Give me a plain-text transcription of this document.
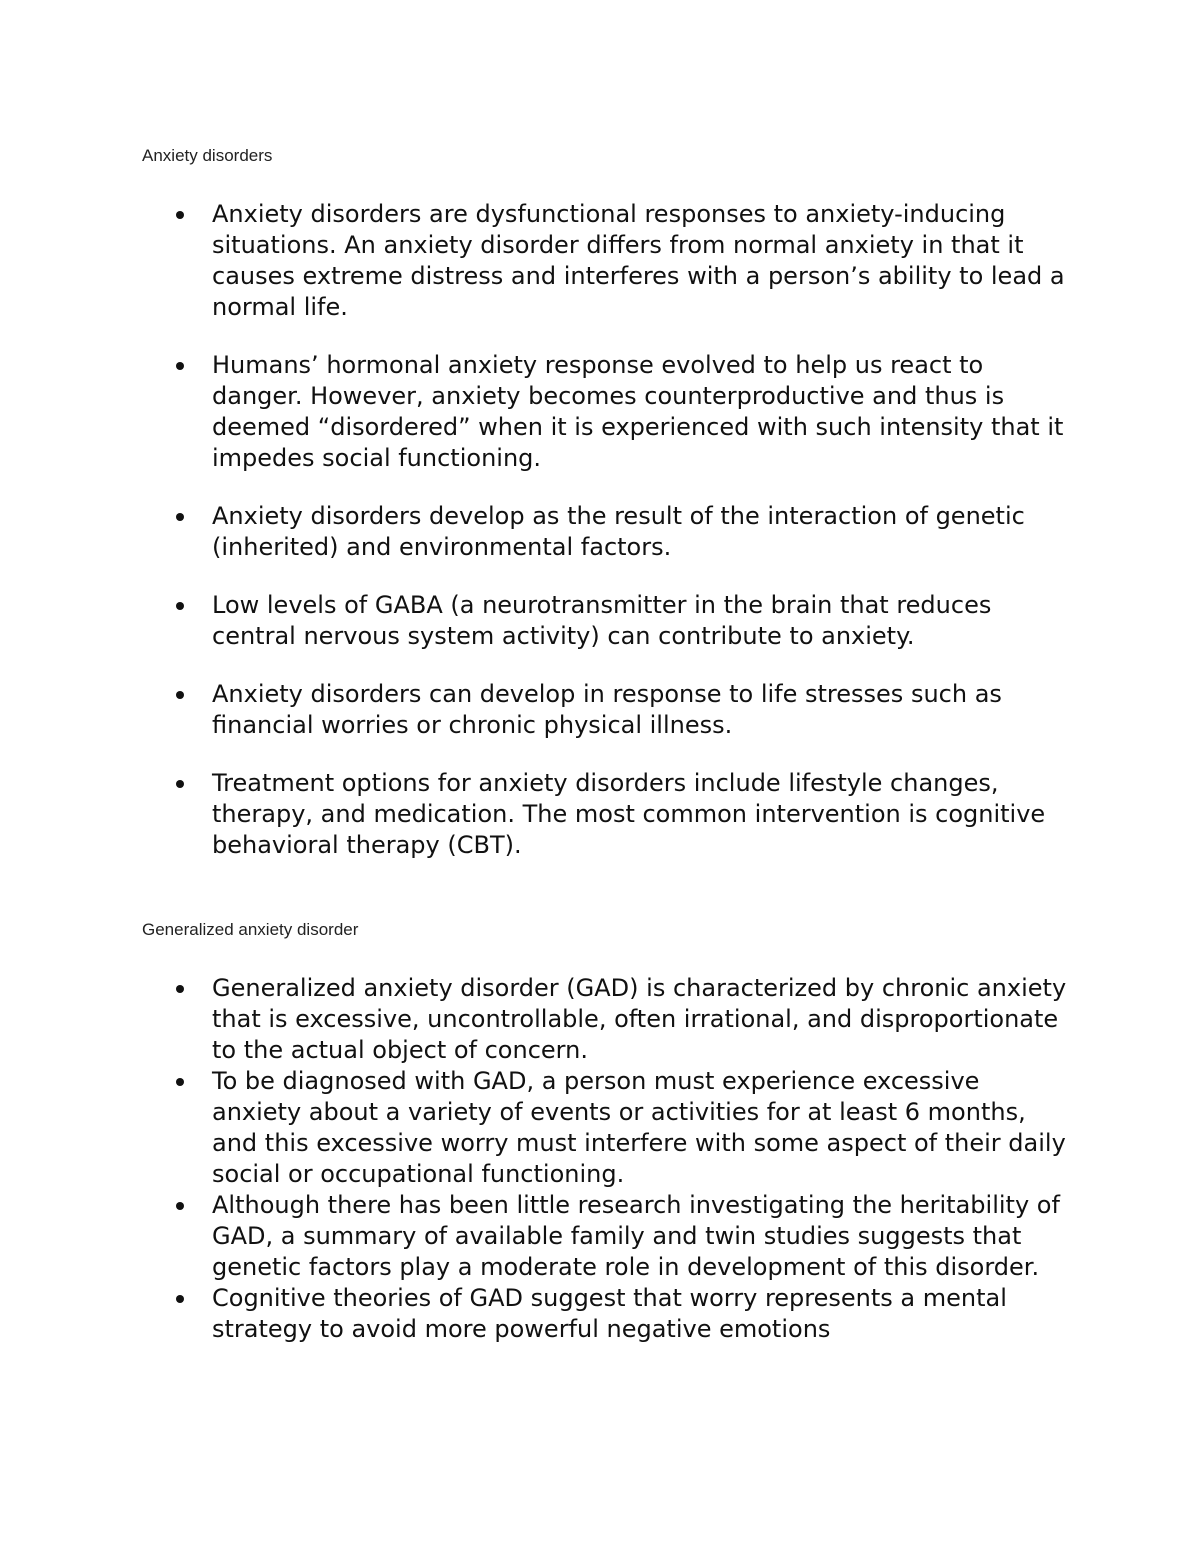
Anxiety disorders
Anxiety disorders are dysfunctional responses to anxiety-inducing situations. An anxiety disorder differs from normal anxiety in that it causes extreme distress and interferes with a person’s ability to lead a normal life.
Humans’ hormonal anxiety response evolved to help us react to danger. However, anxiety becomes counterproductive and thus is deemed “disordered” when it is experienced with such intensity that it impedes social functioning.
Anxiety disorders develop as the result of the interaction of genetic (inherited) and environmental factors.
Low levels of GABA (a neurotransmitter in the brain that reduces central nervous system activity) can contribute to anxiety.
Anxiety disorders can develop in response to life stresses such as financial worries or chronic physical illness.
Treatment options for anxiety disorders include lifestyle changes, therapy, and medication. The most common intervention is cognitive behavioral therapy (CBT).
Generalized anxiety disorder
Generalized anxiety disorder (GAD) is characterized by chronic anxiety that is excessive, uncontrollable, often irrational, and disproportionate to the actual object of concern.
To be diagnosed with GAD, a person must experience excessive anxiety about a variety of events or activities for at least 6 months, and this excessive worry must interfere with some aspect of their daily social or occupational functioning.
Although there has been little research investigating the heritability of GAD, a summary of available family and twin studies suggests that genetic factors play a moderate role in development of this disorder.
Cognitive theories of GAD suggest that worry represents a mental strategy to avoid more powerful negative emotions
